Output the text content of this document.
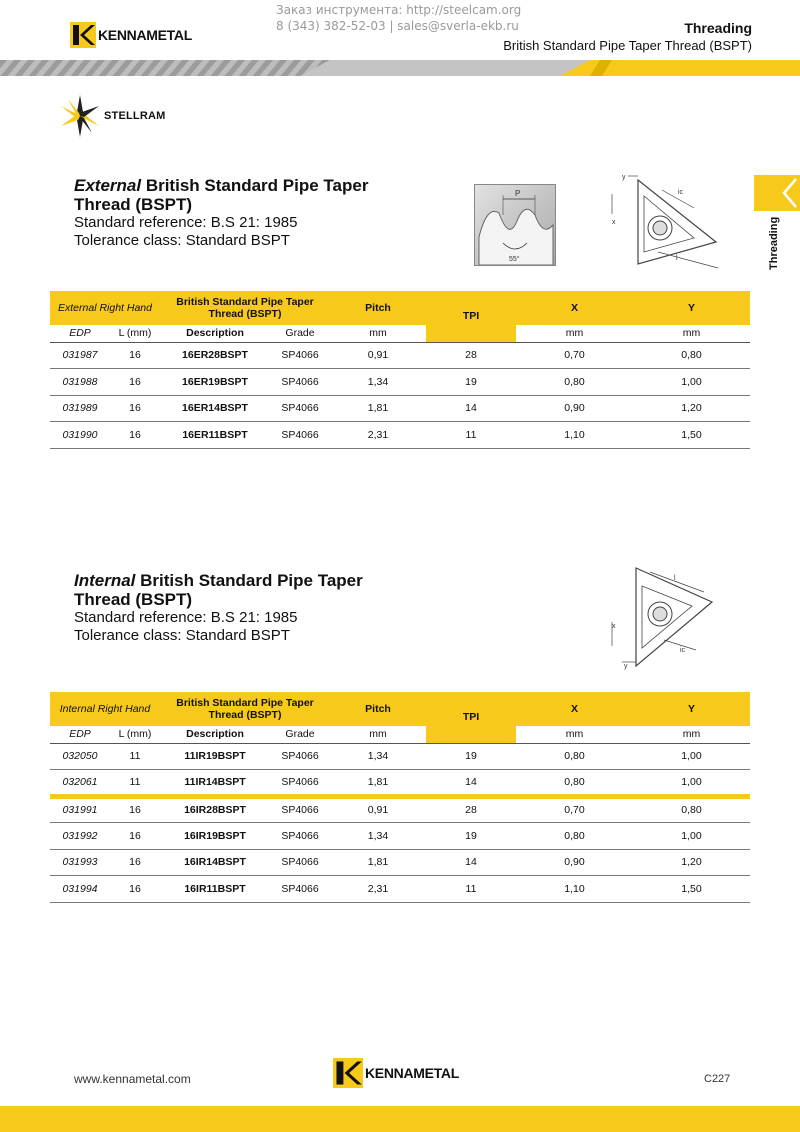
Заказ инструмента: http://steelcam.org
8 (343) 382-52-03 | sales@sverla-ekb.ru
KENNAMETAL	Threading
British Standard Pipe Taper Thread (BSPT)
STELLRAM
Threading
External British Standard Pipe Taper
Thread (BSPT)
Standard reference: B.S 21: 1985
Tolerance class: Standard BSPT
P
55°
y
x
ic
l
External Right Hand		British Standard Pipe Taper Thread (BSPT)		Pitch	TPI	X	Y
EDP	L (mm)	Description	Grade	mm		mm	mm
031987	16	16ER28BSPT	SP4066	0,91	28	0,70	0,80
031988	16	16ER19BSPT	SP4066	1,34	19	0,80	1,00
031989	16	16ER14BSPT	SP4066	1,81	14	0,90	1,20
031990	16	16ER11BSPT	SP4066	2,31	11	1,10	1,50
Internal British Standard Pipe Taper
Thread (BSPT)
Standard reference: B.S 21: 1985
Tolerance class: Standard BSPT
l
x
y
ic
Internal Right Hand		British Standard Pipe Taper Thread (BSPT)		Pitch	TPI	X	Y
EDP	L (mm)	Description	Grade	mm		mm	mm
032050	11	11IR19BSPT	SP4066	1,34	19	0,80	1,00
032061	11	11IR14BSPT	SP4066	1,81	14	0,80	1,00
031991	16	16IR28BSPT	SP4066	0,91	28	0,70	0,80
031992	16	16IR19BSPT	SP4066	1,34	19	0,80	1,00
031993	16	16IR14BSPT	SP4066	1,81	14	0,90	1,20
031994	16	16IR11BSPT	SP4066	2,31	11	1,10	1,50
www.kennametal.com	KENNAMETAL	C227
